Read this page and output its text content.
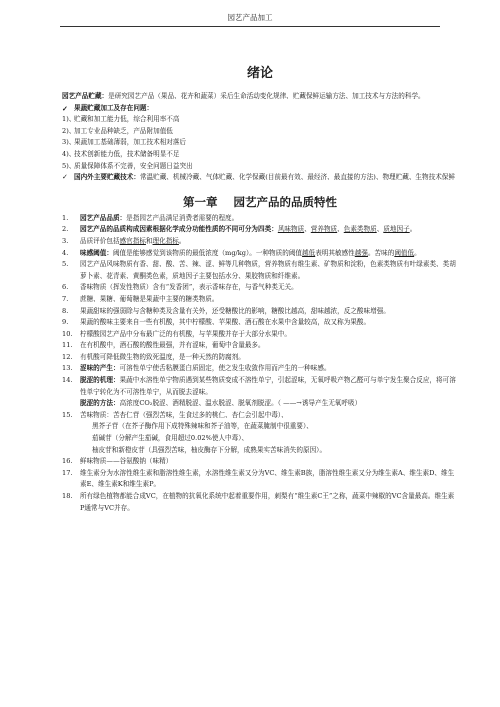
园艺产品加工
绪论
园艺产品贮藏：是研究园艺产品（果品、花卉和蔬菜）采后生命活动变化规律、贮藏保鲜运输方法、加工技术与方法的科学。
✓ 果蔬贮藏加工及存在问题：
1)、
贮藏和加工能力低，综合利用率不高
2)、
加工专业品种缺乏，产品附加值低
3)、
果蔬加工基础薄弱，加工技术相对落后
4)、
技术创新能力低，技术储备明显不足
5)、
质量保障体系不完善，安全问题日益突出
✓ 国内外主要贮藏技术：常温贮藏、机械冷藏、气体贮藏、化学保藏(目前最有效、最经济、最直接的方法)、物理贮藏、生物技术保鲜
第一章 园艺产品的品质特性
1. 园艺产品品质：是指园艺产品满足消费者需要的程度。
2. 园艺产品的品质构成因素根据化学成分功能性质的不同可分为四类：风味物质、营养物质、色素类物质、质地因子。
3. 品质评价包括感官指标和理化指标。
4. 味感阈值：阈值是能够感觉到该物质的最低浓度（mg/kg）。一种物质的阈值越低表明其敏感性越强。苦味的阈值低。
5. 园艺产品风味物质有香、甜、酸、苦、辣、涩、鲜等几种物质，营养物质有维生素、矿物质和淀粉，色素类物质有叶绿素类、类胡萝卜素、花青素、黄酮类色素，质地因子主要包括水分、果胶物质和纤维素。
6. 香味物质（挥发性物质）含有“发香团”，表示香味存在，与香气种类无关。
7. 蔗糖、果糖、葡萄糖是果蔬中主要的糖类物质。
8. 果蔬甜味的强弱除与含糖种类及含量有关外，还受糖酸比的影响，糖酸比越高，甜味越浓，反之酸味增强。
9. 果蔬的酸味主要来自一些有机酸，其中柠檬酸、苹果酸、酒石酸在水果中含量较高，故又称为果酸。
10. 柠檬酸园艺产品中分布最广泛的有机酸，与苹果酸并存于大部分水果中。
11. 在有机酸中，酒石酸的酸性最强，并有涩味，葡萄中含量最多。
12. 有机酸可降低微生物的致死温度，是一种天然的防腐剂。
13. 涩味的产生：可溶性单宁使舌粘膜蛋白质固定，使之发生收敛作用而产生的一种味感。
14. 脱涩的机理：果蔬中水溶性单宁物质遇到某些物质变成不溶性单宁，引起涩味，无氧呼吸产物乙醛可与单宁发生聚合反应，将可溶性单宁转化为不可溶性单宁，从而脱去涩味。
脱涩的方法：高浓度CO₂脱涩、酒精脱涩、温水脱涩、脱氧剂脱涩。（ ——→诱导产生无氧呼吸）
15. 苦味物质：苦杏仁苷（强烈苦味，生食过多的桃仁、杏仁会引起中毒）、
黑芥子苷（在芥子酶作用下成特殊辣味和芥子油等，在蔬菜腌制中很重要）、
茄碱苷（分解产生茄碱，食用超过0.02%使人中毒）、
柚皮苷和新橙皮苷（具强烈苦味，柚皮酶存下分解，成熟果实苦味消失的原因）。
16. 鲜味物质——谷氨酸钠（味精）
17. 维生素分为水溶性维生素和脂溶性维生素，水溶性维生素又分为VC、维生素B族，脂溶性维生素又分为维生素A、维生素D、维生素E、维生素K和维生素P。
18. 所有绿色植物都能合成VC，在植物的抗氧化系统中起着重要作用，刺梨有“维生素C王”之称，蔬菜中辣椒的VC含量最高。维生素P通常与VC并存。
